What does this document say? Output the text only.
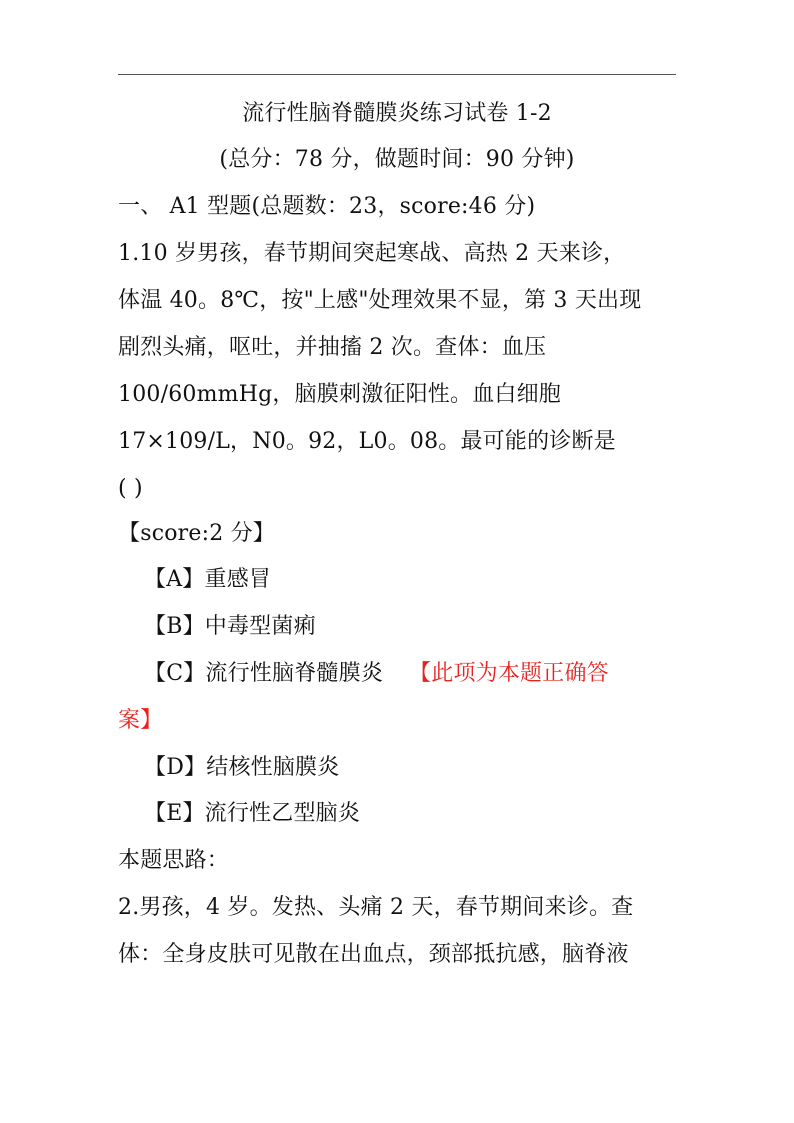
流行性脑脊髓膜炎练习试卷 1-2
(总分：78 分，做题时间：90 分钟)
一、 A1 型题(总题数：23，score:46 分)
1.10 岁男孩，春节期间突起寒战、高热 2 天来诊，
体温 40。8℃，按"上感"处理效果不显，第 3 天出现
剧烈头痛，呕吐，并抽搐 2 次。查体：血压
100/60mmHg，脑膜刺激征阳性。血白细胞
17×109/L，N0。92，L0。08。最可能的诊断是
( )
【score:2 分】
【A】重感冒
【B】中毒型菌痢
【C】流行性脑脊髓膜炎 【此项为本题正确答
案】
【D】结核性脑膜炎
【E】流行性乙型脑炎
本题思路：
2.男孩，4 岁。发热、头痛 2 天，春节期间来诊。查
体：全身皮肤可见散在出血点，颈部抵抗感，脑脊液
